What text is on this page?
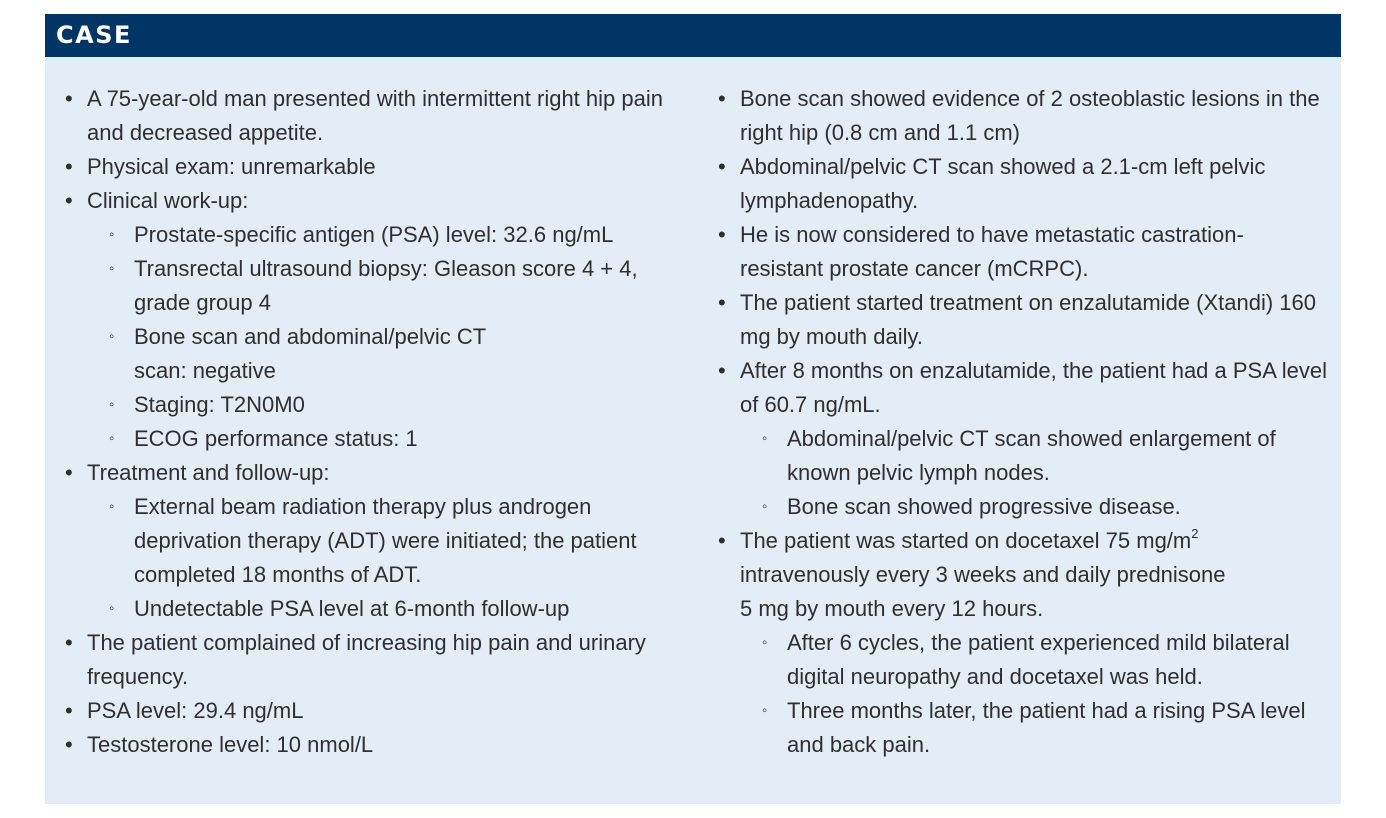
CASE
• A 75-year-old man presented with intermittent right hip pain and decreased appetite.
• Physical exam: unremarkable
• Clinical work-up:
◦ Prostate-specific antigen (PSA) level: 32.6 ng/mL
◦ Transrectal ultrasound biopsy: Gleason score 4 + 4, grade group 4
◦ Bone scan and abdominal/pelvic CT scan: negative
◦ Staging: T2N0M0
◦ ECOG performance status: 1
• Treatment and follow-up:
◦ External beam radiation therapy plus androgen deprivation therapy (ADT) were initiated; the patient completed 18 months of ADT.
◦ Undetectable PSA level at 6-month follow-up
• The patient complained of increasing hip pain and urinary frequency.
• PSA level: 29.4 ng/mL
• Testosterone level: 10 nmol/L
• Bone scan showed evidence of 2 osteoblastic lesions in the right hip (0.8 cm and 1.1 cm)
• Abdominal/pelvic CT scan showed a 2.1-cm left pelvic lymphadenopathy.
• He is now considered to have metastatic castration-resistant prostate cancer (mCRPC).
• The patient started treatment on enzalutamide (Xtandi) 160 mg by mouth daily.
• After 8 months on enzalutamide, the patient had a PSA level of 60.7 ng/mL.
◦ Abdominal/pelvic CT scan showed enlargement of known pelvic lymph nodes.
◦ Bone scan showed progressive disease.
• The patient was started on docetaxel 75 $mg/m^2$ intravenously every 3 weeks and daily prednisone
5 mg by mouth every 12 hours.
◦ After 6 cycles, the patient experienced mild bilateral digital neuropathy and docetaxel was held.
◦ Three months later, the patient had a rising PSA level and back pain.
